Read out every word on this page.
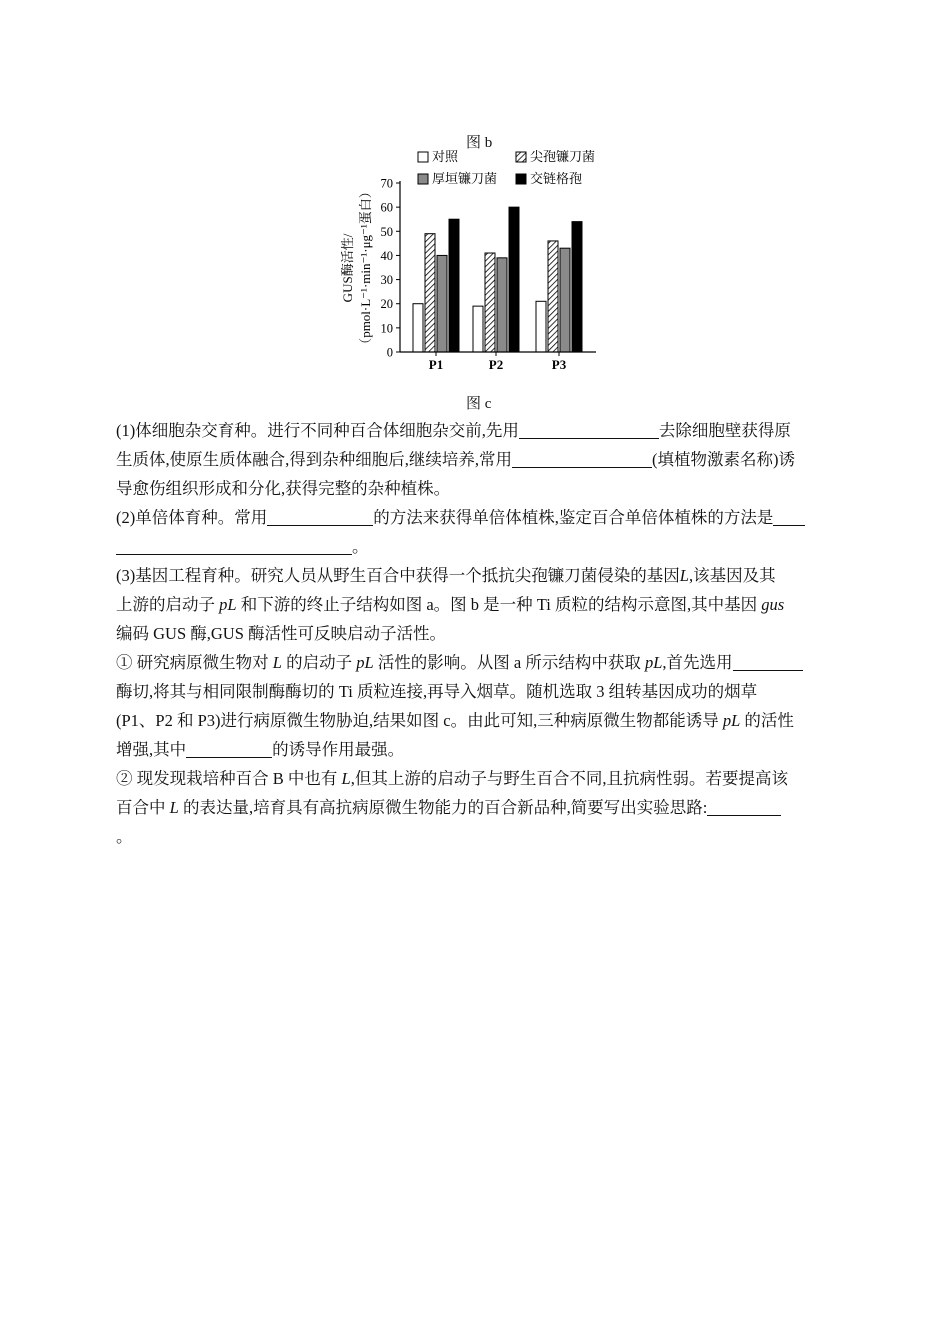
图 b
对照	尖孢镰刀菌
厚垣镰刀菌	交链格孢
GUS酶活性/ （pmol·L⁻¹·min⁻¹·μg⁻¹蛋白）
0
10
20
30
40
50
60
70
P1	P2	P3
图 c
(1)体细胞杂交育种。进行不同种百合体细胞杂交前,先用	去除细胞壁获得原
生质体,使原生质体融合,得到杂种细胞后,继续培养,常用	(填植物激素名称)诱
导愈伤组织形成和分化,获得完整的杂种植株。
(2)单倍体育种。常用	的方法来获得单倍体植株,鉴定百合单倍体植株的方法是
。
(3)基因工程育种。研究人员从野生百合中获得一个抵抗尖孢镰刀菌侵染的基因L,该基因及其
上游的启动子 pL 和下游的终止子结构如图 a。图 b 是一种 Ti 质粒的结构示意图,其中基因 gus
编码 GUS 酶,GUS 酶活性可反映启动子活性。
① 研究病原微生物对 L 的启动子 pL 活性的影响。从图 a 所示结构中获取 pL,首先选用
酶切,将其与相同限制酶酶切的 Ti 质粒连接,再导入烟草。随机选取 3 组转基因成功的烟草
(P1、P2 和 P3)进行病原微生物胁迫,结果如图 c。由此可知,三种病原微生物都能诱导 pL 的活性
增强,其中	的诱导作用最强。
② 现发现栽培种百合 B 中也有 L,但其上游的启动子与野生百合不同,且抗病性弱。若要提高该
百合中 L 的表达量,培育具有高抗病原微生物能力的百合新品种,简要写出实验思路:
。
